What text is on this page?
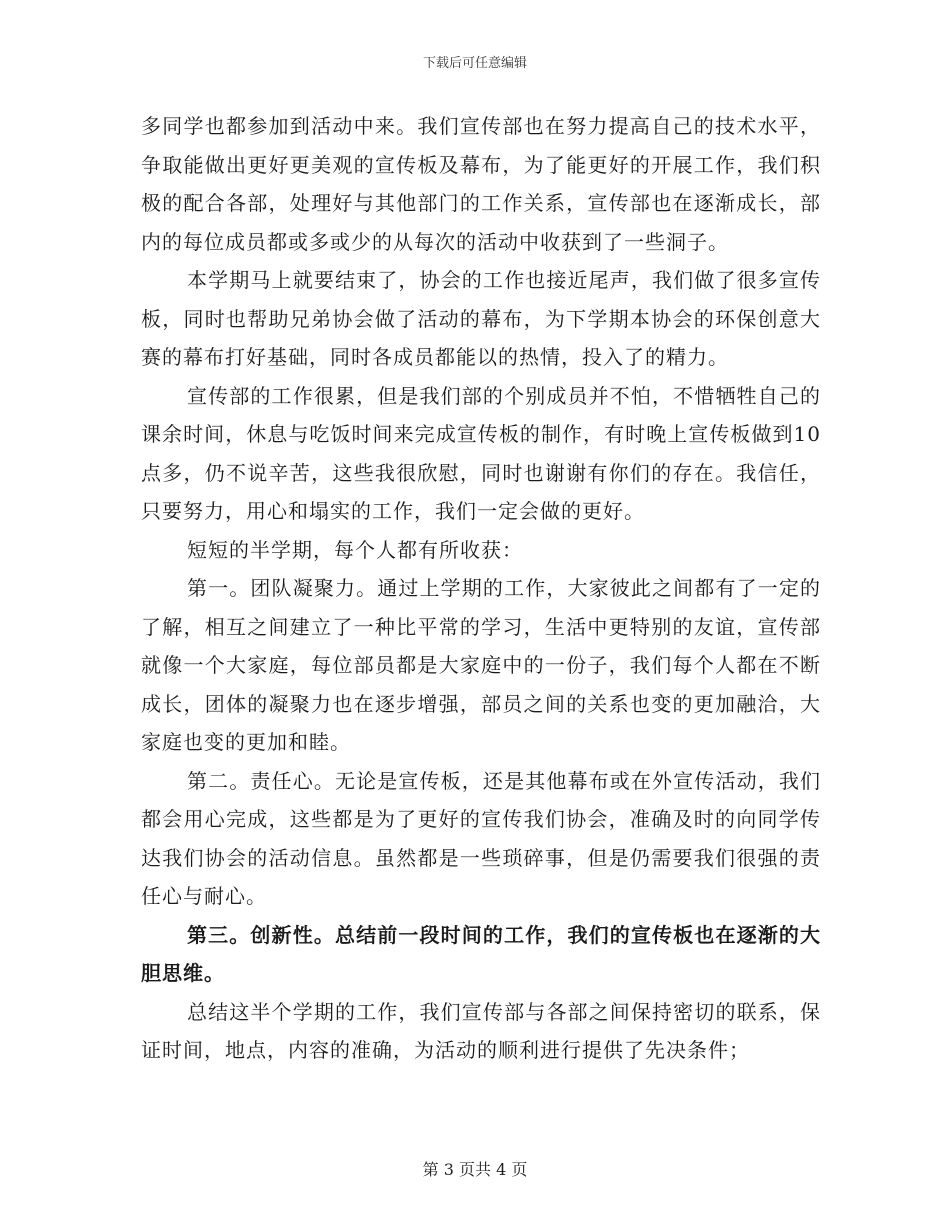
下载后可任意编辑

多同学也都参加到活动中来。我们宣传部也在努力提高自己的技术水平，争取能做出更好更美观的宣传板及幕布，为了能更好的开展工作，我们积极的配合各部，处理好与其他部门的工作关系，宣传部也在逐渐成长，部内的每位成员都或多或少的从每次的活动中收获到了一些洞子。

本学期马上就要结束了，协会的工作也接近尾声，我们做了很多宣传板，同时也帮助兄弟协会做了活动的幕布，为下学期本协会的环保创意大赛的幕布打好基础，同时各成员都能以的热情，投入了的精力。

宣传部的工作很累，但是我们部的个别成员并不怕，不惜牺牲自己的课余时间，休息与吃饭时间来完成宣传板的制作，有时晚上宣传板做到10点多，仍不说辛苦，这些我很欣慰，同时也谢谢有你们的存在。我信任，只要努力，用心和塌实的工作，我们一定会做的更好。

短短的半学期，每个人都有所收获：

第一。团队凝聚力。通过上学期的工作，大家彼此之间都有了一定的了解，相互之间建立了一种比平常的学习，生活中更特别的友谊，宣传部就像一个大家庭，每位部员都是大家庭中的一份子，我们每个人都在不断成长，团体的凝聚力也在逐步增强，部员之间的关系也变的更加融洽，大家庭也变的更加和睦。

第二。责任心。无论是宣传板，还是其他幕布或在外宣传活动，我们都会用心完成，这些都是为了更好的宣传我们协会，准确及时的向同学传达我们协会的活动信息。虽然都是一些琐碎事，但是仍需要我们很强的责任心与耐心。

第三。创新性。总结前一段时间的工作，我们的宣传板也在逐渐的大胆思维。

总结这半个学期的工作，我们宣传部与各部之间保持密切的联系，保证时间，地点，内容的准确，为活动的顺利进行提供了先决条件；

第 3 页共 4 页
